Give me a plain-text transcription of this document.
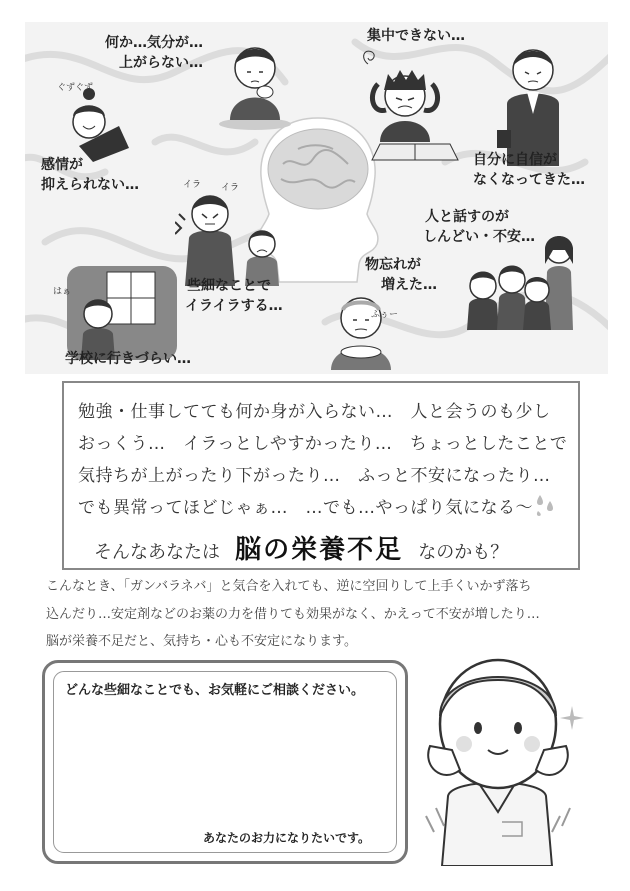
何か…気分が…
上がらない…
集中できない…
感情が
抑えられない…
自分に自信が
なくなってきた…
人と話すのが
しんどい・不安…
些細なことで
イライラする…
物忘れが
増えた…
学校に行きづらい…
ぐずぐず
イラ イラ
はぁ
ふぅー
勉強・仕事してても何か身が入らない…　人と会うのも少し
おっくう…　イラっとしやすかったり…　ちょっとしたことで
気持ちが上がったり下がったり…　ふっと不安になったり…
でも異常ってほどじゃぁ…　…でも…やっぱり気になる～
そんなあなたは 脳の栄養不足 なのかも？
こんなとき、「ガンバラネバ」と気合を入れても、逆に空回りして上手くいかず落ち
込んだり…安定剤などのお薬の力を借りても効果がなく、かえって不安が増したり…
脳が栄養不足だと、気持ち・心も不安定になります。
どんな些細なことでも、お気軽にご相談ください。
あなたのお力になりたいです。
